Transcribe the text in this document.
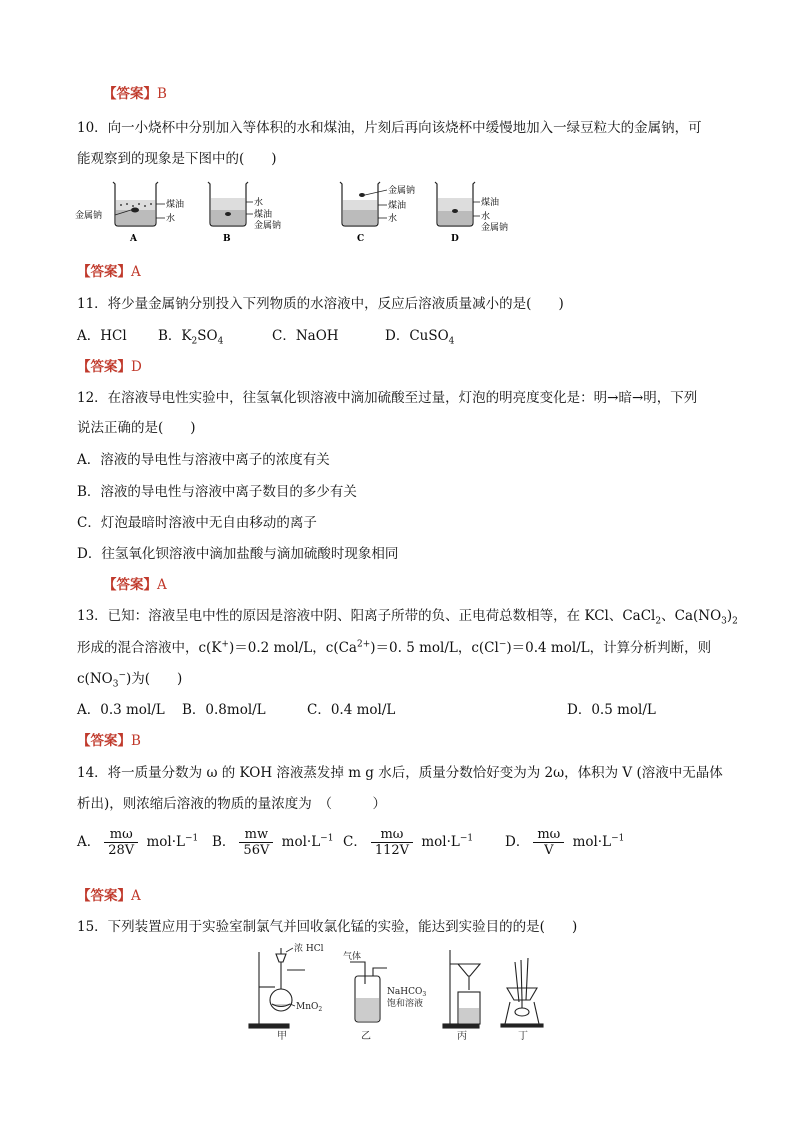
【答案】B
10．向一小烧杯中分别加入等体积的水和煤油，片刻后再向该烧杯中缓慢地加入一绿豆粒大的金属钠，可
能观察到的现象是下图中的(　　)
煤油
金属钠	水
A
水
煤油
金属钠
B
金属钠
煤油
水
C
煤油
水
金属钠
D
【答案】A
11．将少量金属钠分别投入下列物质的水溶液中，反应后溶液质量减小的是(　　)
A．HCl B．$K_2SO_4$	C．NaOH	D．CuSO$_4$
【答案】D
12．在溶液导电性实验中，往氢氧化钡溶液中滴加硫酸至过量，灯泡的明亮度变化是：明→暗→明，下列
说法正确的是(　　)
A．溶液的导电性与溶液中离子的浓度有关
B．溶液的导电性与溶液中离子数目的多少有关
C．灯泡最暗时溶液中无自由移动的离子
D．往氢氧化钡溶液中滴加盐酸与滴加硫酸时现象相同
【答案】A
13．已知：溶液呈电中性的原因是溶液中阴、阳离子所带的负、正电荷总数相等，在 KCl、CaCl$_2$、$Ca(NO_3)_2$
形成的混合溶液中，c(K+)＝0.2 mol/L，$c(Ca^{2+})=0$. 5 mol/L，c(Cl−)＝0.4 mol/L，计算分析判断，则
$c(NO_3^-)$为(　　)
A．0.3 mol/L B．0.8mol/L	C．0.4 mol/L	D．0.5 mol/L
【答案】B
14．将一质量分数为 ω 的 KOH 溶液蒸发掉 m g 水后，质量分数恰好变为为 2ω，体积为 V (溶液中无晶体
析出)，则浓缩后溶液的物质的量浓度为　（　　　）
A． $\frac{m\omega}{28V} mol\cdot L^{-1}$ B． $\frac{mw}{56V} mol\cdot L^{-1}$ C． $\frac{m\omega}{112V} mol\cdot L^{-1}$ D． $\frac{m\omega}{V} mol\cdot L^{-1}$
【答案】A
15．下列装置应用于实验室制氯气并回收氯化锰的实验，能达到实验目的的是(　　)
浓 HCl
MnO$_2$
甲
气体
NaHCO$_3$
饱和溶液
乙	丙	丁
